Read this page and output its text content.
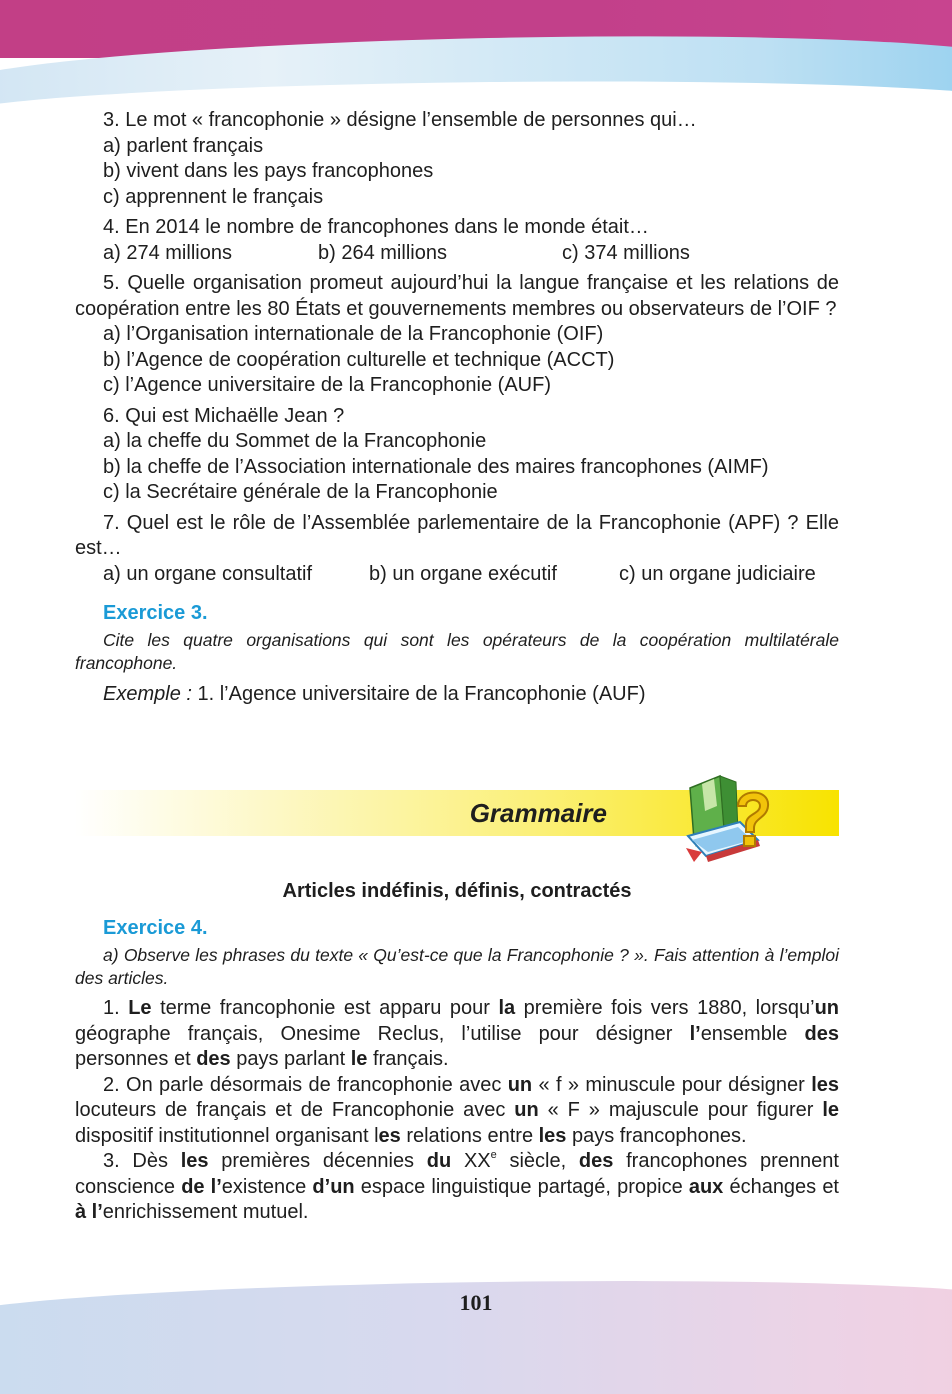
3. Le mot « francophonie » désigne l’ensemble de personnes qui…
a) parlent français
b) vivent dans les pays francophones
c) apprennent le français
4. En 2014 le nombre de francophones dans le monde était…
a) 274 millions	b) 264 millions	c) 374 millions
5. Quelle organisation promeut aujourd’hui la langue française et les relations de coopération entre les 80 États et gouvernements membres ou observateurs de l’OIF ?
a) l’Organisation internationale de la Francophonie (OIF)
b) l’Agence de coopération culturelle et technique (ACCT)
c) l’Agence universitaire de la Francophonie (AUF)
6. Qui est Michaëlle Jean ?
a) la cheffe du Sommet de la Francophonie
b) la cheffe de l’Association internationale des maires francophones (AIMF)
c) la Secrétaire générale de la Francophonie
7. Quel est le rôle de l’Assemblée parlementaire de la Francophonie (APF) ? Elle est…
a) un organe consultatif	b) un organe exécutif	c) un organe judiciaire
Exercice 3.
Cite les quatre organisations qui sont les opérateurs de la coopération multilatérale francophone.
Exemple : 1. l’Agence universitaire de la Francophonie (AUF)
Grammaire
Articles indéfinis, définis, contractés
Exercice 4.
a) Observe les phrases du texte « Qu’est-ce que la Francophonie ? ». Fais attention à l’emploi des articles.
1. Le terme francophonie est apparu pour la première fois vers 1880, lorsqu’un géographe français, Onesime Reclus, l’utilise pour désigner l’ensemble des personnes et des pays parlant le français.
2. On parle désormais de francophonie avec un « f » minuscule pour désigner les locuteurs de français et de Francophonie avec un « F » majuscule pour figurer le dispositif institutionnel organisant les relations entre les pays francophones.
3. Dès les premières décennies du XXe siècle, des francophones prennent conscience de l’existence d’un espace linguistique partagé, propice aux échanges et à l’enrichissement mutuel.
101
